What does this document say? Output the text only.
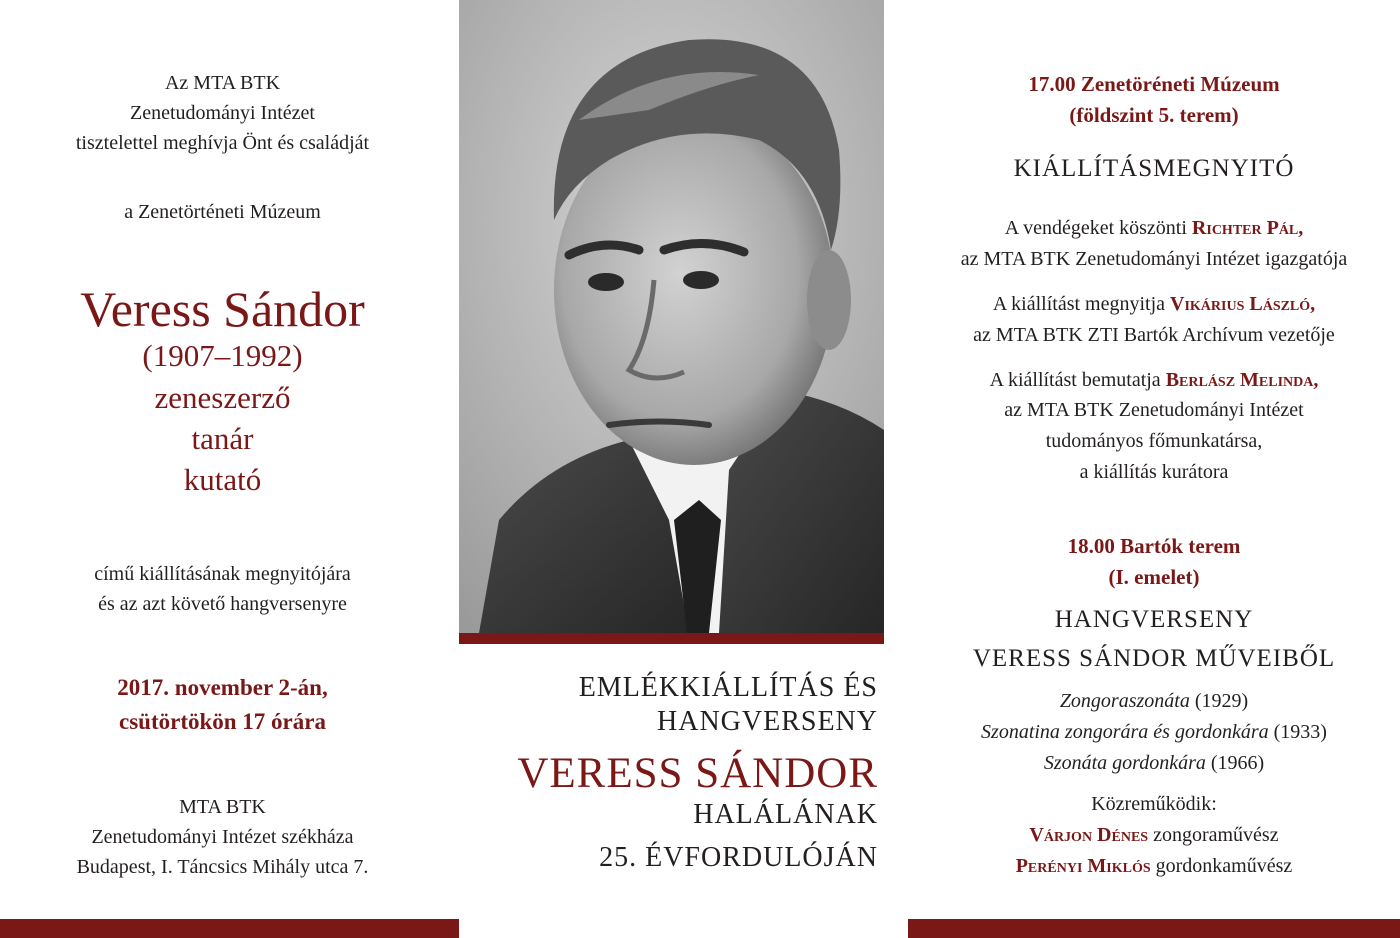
Az MTA BTK
Zenetudományi Intézet
tisztelettel meghívja Önt és családját
a Zenetörténeti Múzeum
Veress Sándor
(1907–1992)
zeneszerző
tanár
kutató
című kiállításának megnyitójára
és az azt követő hangversenyre
2017. november 2-án,
csütörtökön 17 órára
MTA BTK
Zenetudományi Intézet székháza
Budapest, I. Táncsics Mihály utca 7.
EMLÉKKIÁLLÍTÁS ÉS
HANGVERSENY
VERESS SÁNDOR
HALÁLÁNAK
25. ÉVFORDULÓJÁN
17.00 Zenetöréneti Múzeum
(földszint 5. terem)
KIÁLLÍTÁSMEGNYITÓ
A vendégeket köszönti Richter Pál,
az MTA BTK Zenetudományi Intézet igazgatója
A kiállítást megnyitja Vikárius László,
az MTA BTK ZTI Bartók Archívum vezetője
A kiállítást bemutatja Berlász Melinda,
az MTA BTK Zenetudományi Intézet
tudományos főmunkatársa,
a kiállítás kurátora
18.00 Bartók terem
(I. emelet)
HANGVERSENY
VERESS SÁNDOR MŰVEIBŐL
Zongoraszonáta (1929)
Szonatina zongorára és gordonkára (1933)
Szonáta gordonkára (1966)
Közreműködik:
Várjon Dénes zongoraművész
Perényi Miklós gordonkaművész
